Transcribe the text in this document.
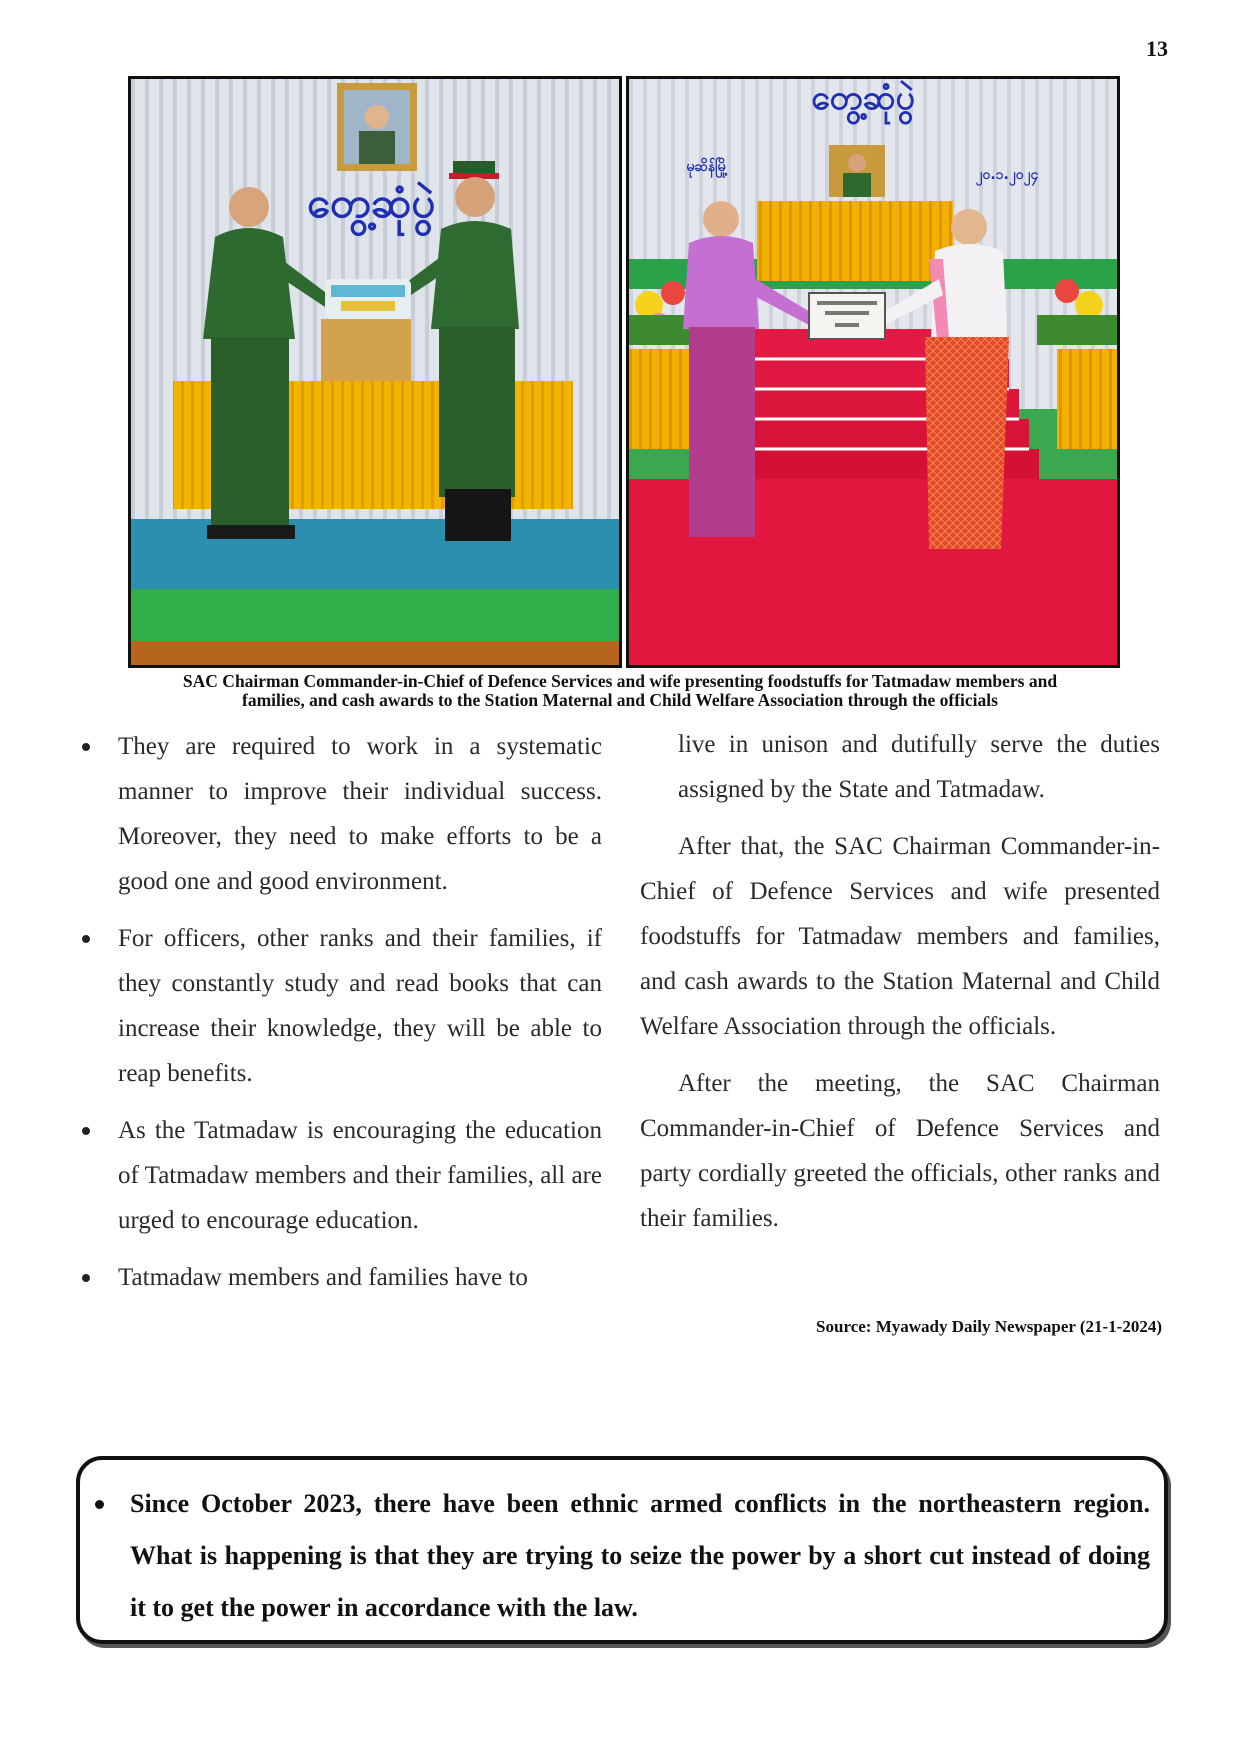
13
တွေ့ဆုံပွဲ
တွေ့ဆုံပွဲ
မုဆိန်မြို့	၂၀.၁.၂၀၂၄
SAC Chairman Commander-in-Chief of Defence Services and wife presenting foodstuffs for Tatmadaw members and
families, and cash awards to the Station Maternal and Child Welfare Association through the officials
They are required to work in a systematic manner to improve their individual success. Moreover, they need to make efforts to be a good one and good environment.
For officers, other ranks and their families, if they constantly study and read books that can increase their knowledge, they will be able to reap benefits.
As the Tatmadaw is encouraging the education of Tatmadaw members and their families, all are urged to encourage education.
Tatmadaw members and families have to

live in unison and dutifully serve the duties assigned by the State and Tatmadaw.

After that, the SAC Chairman Commander-in-Chief of Defence Services and wife presented foodstuffs for Tatmadaw members and families, and cash awards to the Station Maternal and Child Welfare Association through the officials.

After the meeting, the SAC Chairman Commander-in-Chief of Defence Services and party cordially greeted the officials, other ranks and their families.

Source: Myawady Daily Newspaper (21-1-2024)
Since October 2023, there have been ethnic armed conflicts in the northeastern region. What is happening is that they are trying to seize the power by a short cut instead of doing it to get the power in accordance with the law.
